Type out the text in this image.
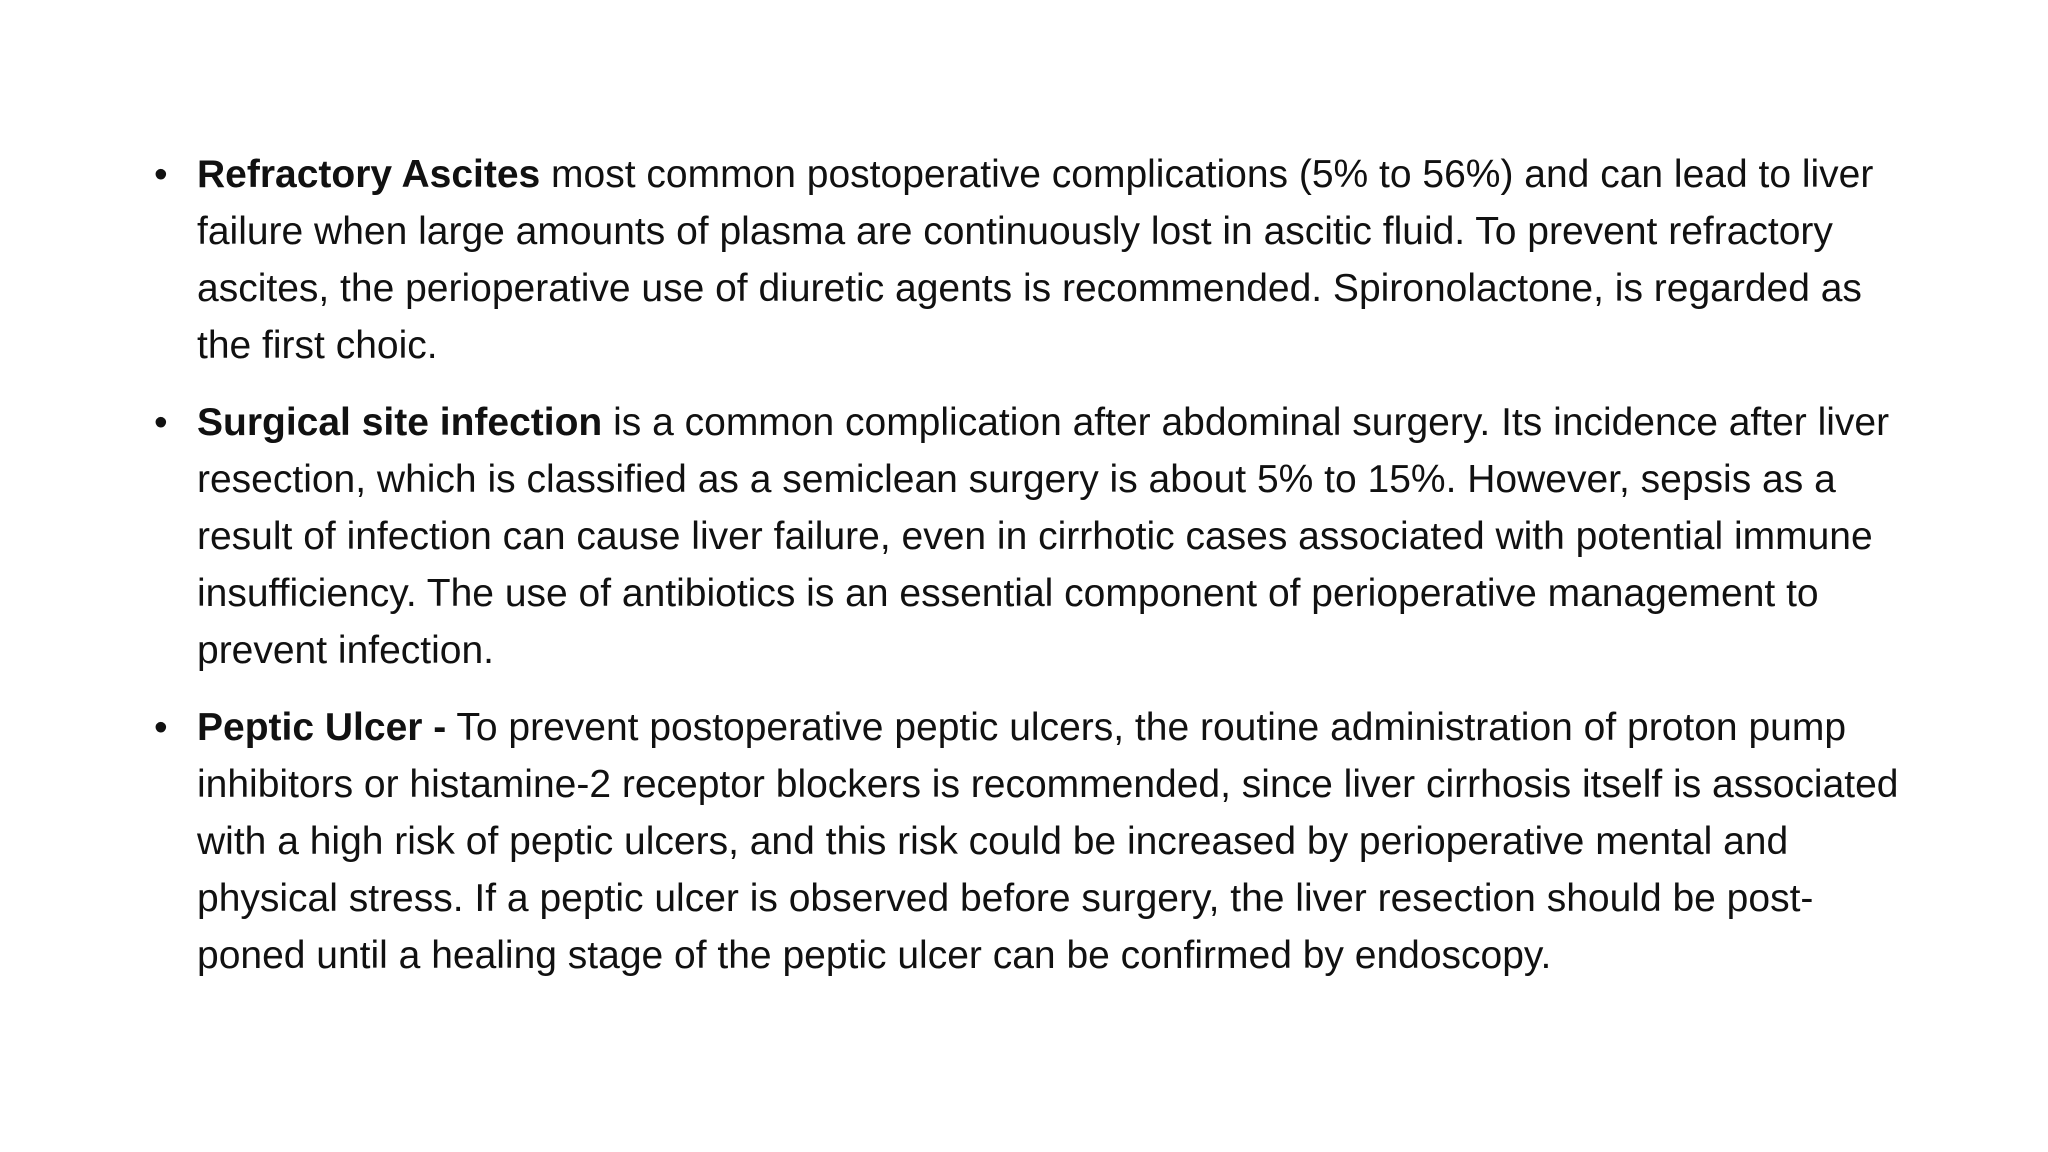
• Refractory Ascites most common postoperative complications (5% to 56%) and can lead to liver failure when large amounts of plasma are continuously lost in ascitic fluid. To prevent refractory ascites, the perioperative use of diuretic agents is recommended. Spironolactone, is regarded as the first choic.
• Surgical site infection is a common complication after abdominal surgery. Its incidence after liver resection, which is classified as a semiclean surgery is about 5% to 15%. However, sepsis as a result of infection can cause liver failure, even in cirrhotic cases associated with potential immune insufficiency. The use of antibiotics is an essential component of perioperative management to prevent infection.
• Peptic Ulcer - To prevent postoperative peptic ulcers, the routine administration of proton pump inhibitors or histamine-2 receptor blockers is recommended, since liver cirrhosis itself is associated with a high risk of peptic ulcers, and this risk could be increased by perioperative mental and physical stress. If a peptic ulcer is observed before surgery, the liver resection should be post- poned until a healing stage of the peptic ulcer can be confirmed by endoscopy.
